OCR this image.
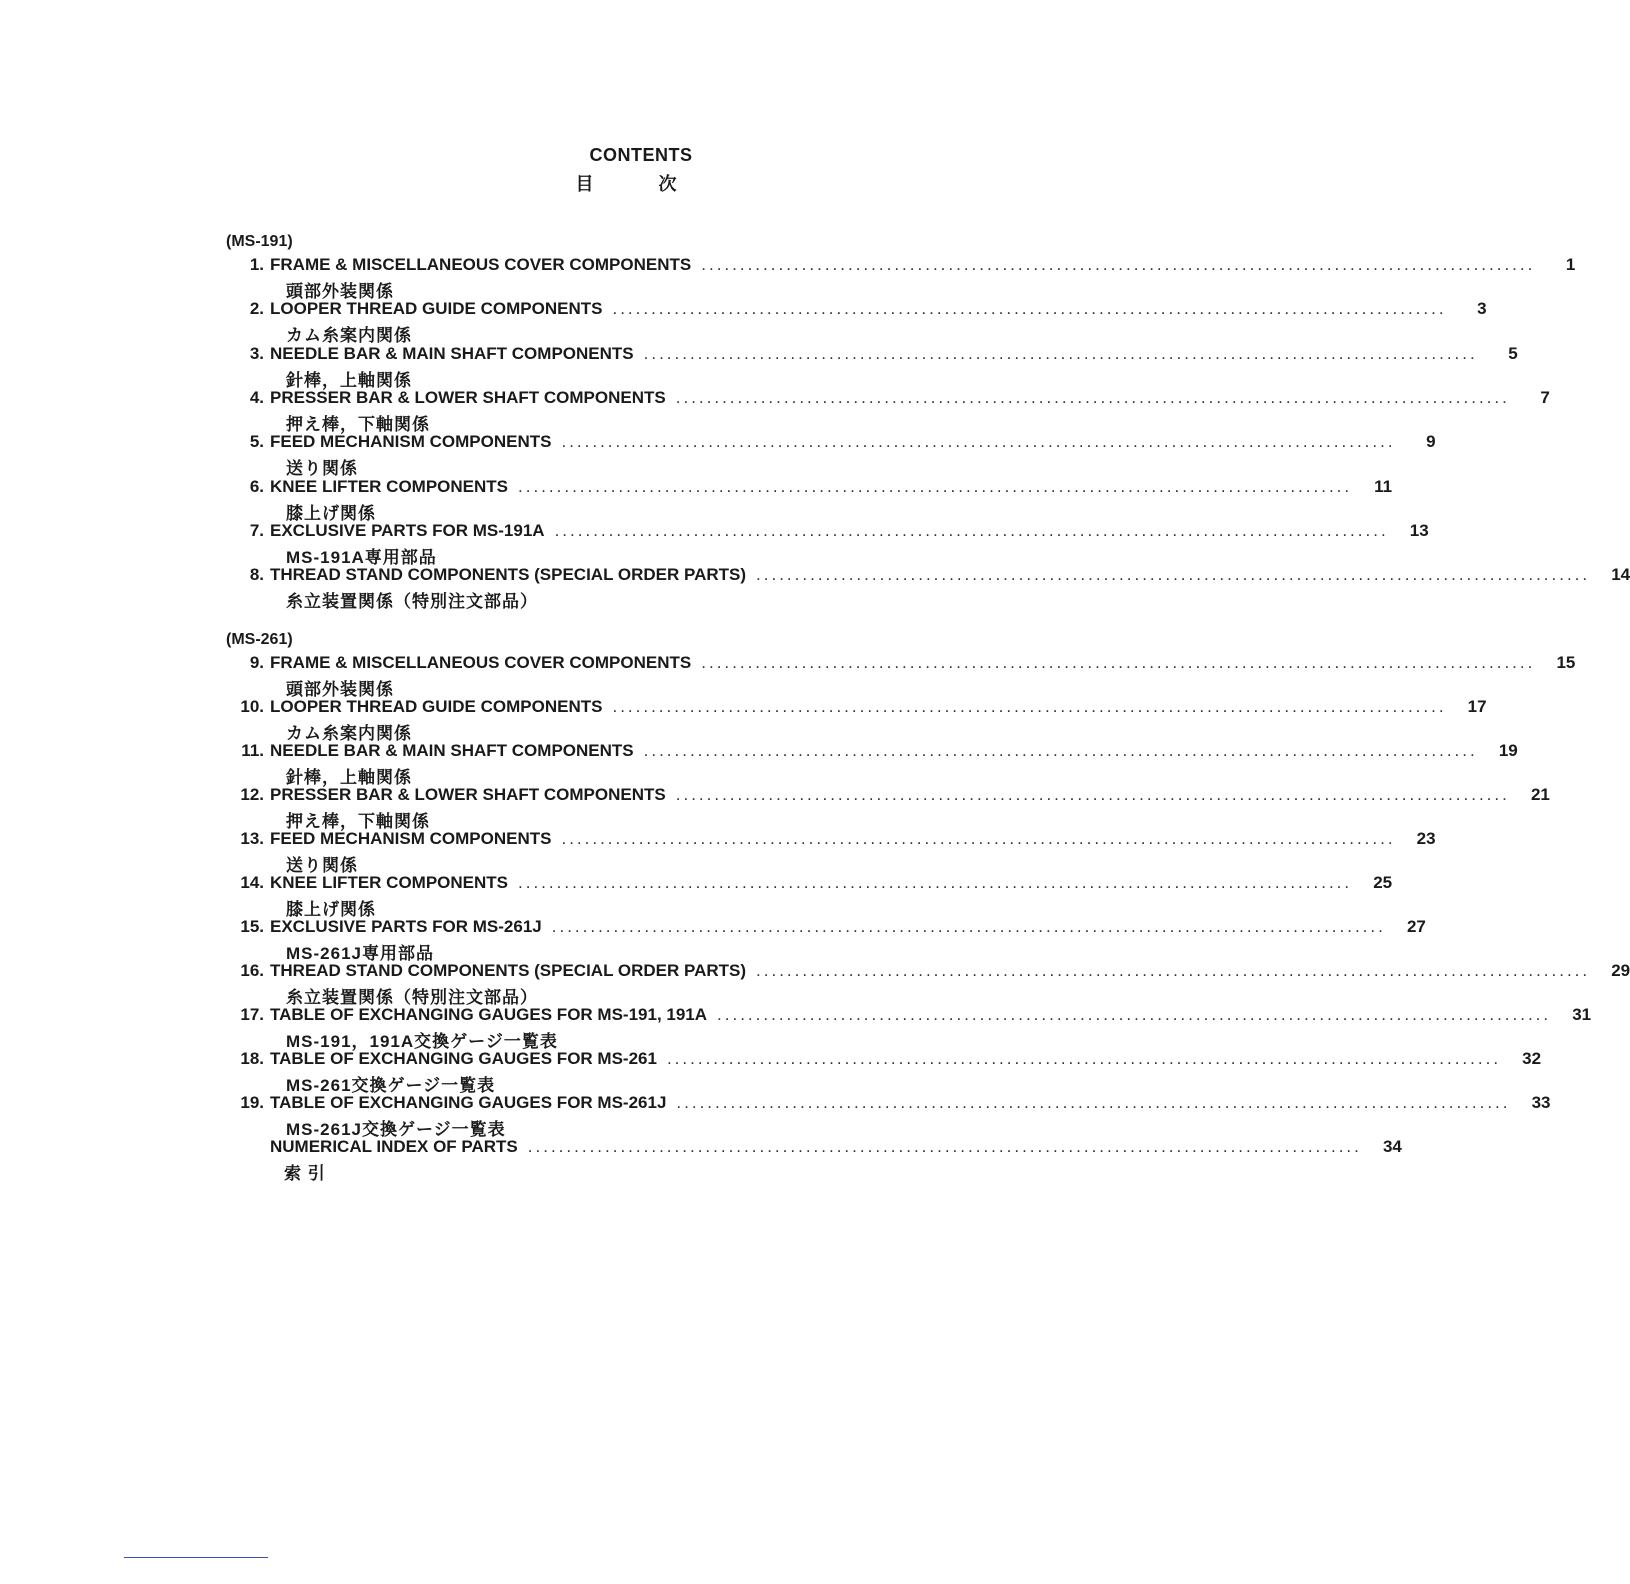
CONTENTS
目 次
(MS-191)
1. FRAME & MISCELLANEOUS COVER COMPONENTS ............................................................................................................	1
頭部外装関係
2. LOOPER THREAD GUIDE COMPONENTS ............................................................................................................	3
カム糸案内関係
3. NEEDLE BAR & MAIN SHAFT COMPONENTS ............................................................................................................	5
針棒，上軸関係
4. PRESSER BAR & LOWER SHAFT COMPONENTS ............................................................................................................	7
押え棒，下軸関係
5. FEED MECHANISM COMPONENTS ............................................................................................................	9
送り関係
6. KNEE LIFTER COMPONENTS ............................................................................................................	11
膝上げ関係
7. EXCLUSIVE PARTS FOR MS-191A ............................................................................................................	13
MS-191A専用部品
8. THREAD STAND COMPONENTS (SPECIAL ORDER PARTS) ............................................................................................................	14
糸立装置関係（特別注文部品）
(MS-261)
9. FRAME & MISCELLANEOUS COVER COMPONENTS ............................................................................................................	15
頭部外装関係
10. LOOPER THREAD GUIDE COMPONENTS ............................................................................................................	17
カム糸案内関係
11. NEEDLE BAR & MAIN SHAFT COMPONENTS ............................................................................................................	19
針棒，上軸関係
12. PRESSER BAR & LOWER SHAFT COMPONENTS ............................................................................................................	21
押え棒，下軸関係
13. FEED MECHANISM COMPONENTS ............................................................................................................	23
送り関係
14. KNEE LIFTER COMPONENTS ............................................................................................................	25
膝上げ関係
15. EXCLUSIVE PARTS FOR MS-261J ............................................................................................................	27
MS-261J専用部品
16. THREAD STAND COMPONENTS (SPECIAL ORDER PARTS) ............................................................................................................	29
糸立装置関係（特別注文部品）
17. TABLE OF EXCHANGING GAUGES FOR MS-191, 191A ............................................................................................................	31
MS-191，191A交換ゲージ一覧表
18. TABLE OF EXCHANGING GAUGES FOR MS-261 ............................................................................................................	32
MS-261交換ゲージ一覧表
19. TABLE OF EXCHANGING GAUGES FOR MS-261J ............................................................................................................	33
MS-261J交換ゲージ一覧表
NUMERICAL INDEX OF PARTS ............................................................................................................	34
索 引
